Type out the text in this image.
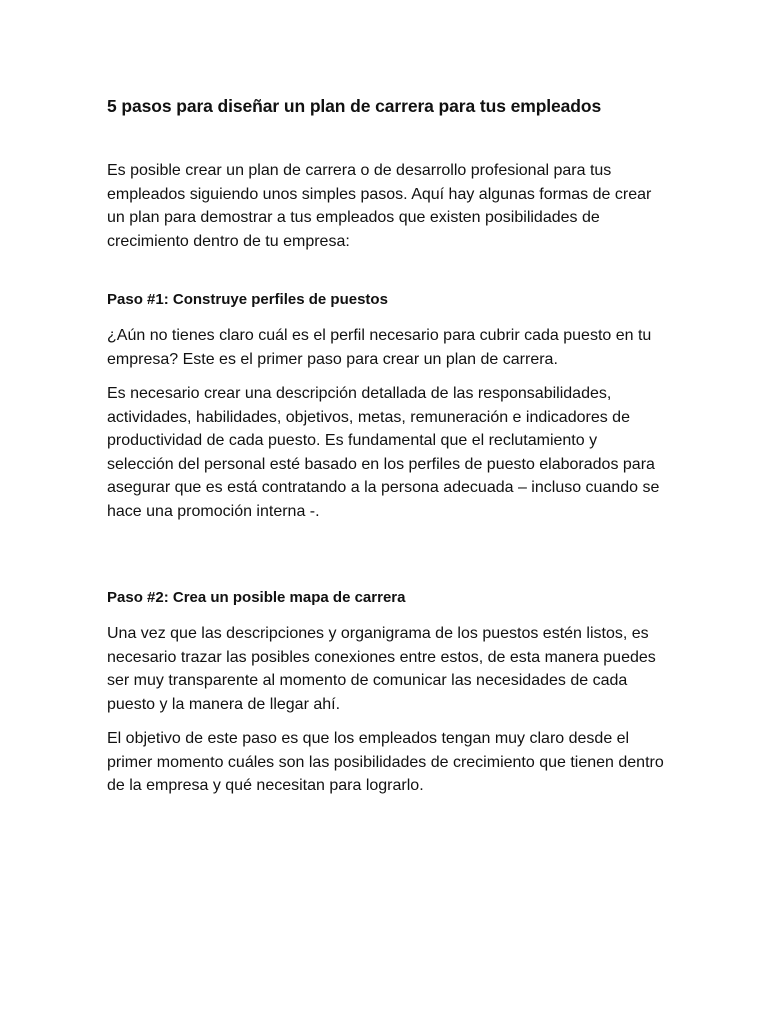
5 pasos para diseñar un plan de carrera para tus empleados

Es posible crear un plan de carrera o de desarrollo profesional para tus empleados siguiendo unos simples pasos. Aquí hay algunas formas de crear un plan para demostrar a tus empleados que existen posibilidades de crecimiento dentro de tu empresa:

Paso #1: Construye perfiles de puestos

¿Aún no tienes claro cuál es el perfil necesario para cubrir cada puesto en tu empresa? Este es el primer paso para crear un plan de carrera.

Es necesario crear una descripción detallada de las responsabilidades, actividades, habilidades, objetivos, metas, remuneración e indicadores de productividad de cada puesto. Es fundamental que el reclutamiento y selección del personal esté basado en los perfiles de puesto elaborados para asegurar que es está contratando a la persona adecuada – incluso cuando se hace una promoción interna -.

Paso #2: Crea un posible mapa de carrera

Una vez que las descripciones y organigrama de los puestos estén listos, es necesario trazar las posibles conexiones entre estos, de esta manera puedes ser muy transparente al momento de comunicar las necesidades de cada puesto y la manera de llegar ahí.

El objetivo de este paso es que los empleados tengan muy claro desde el primer momento cuáles son las posibilidades de crecimiento que tienen dentro de la empresa y qué necesitan para lograrlo.
